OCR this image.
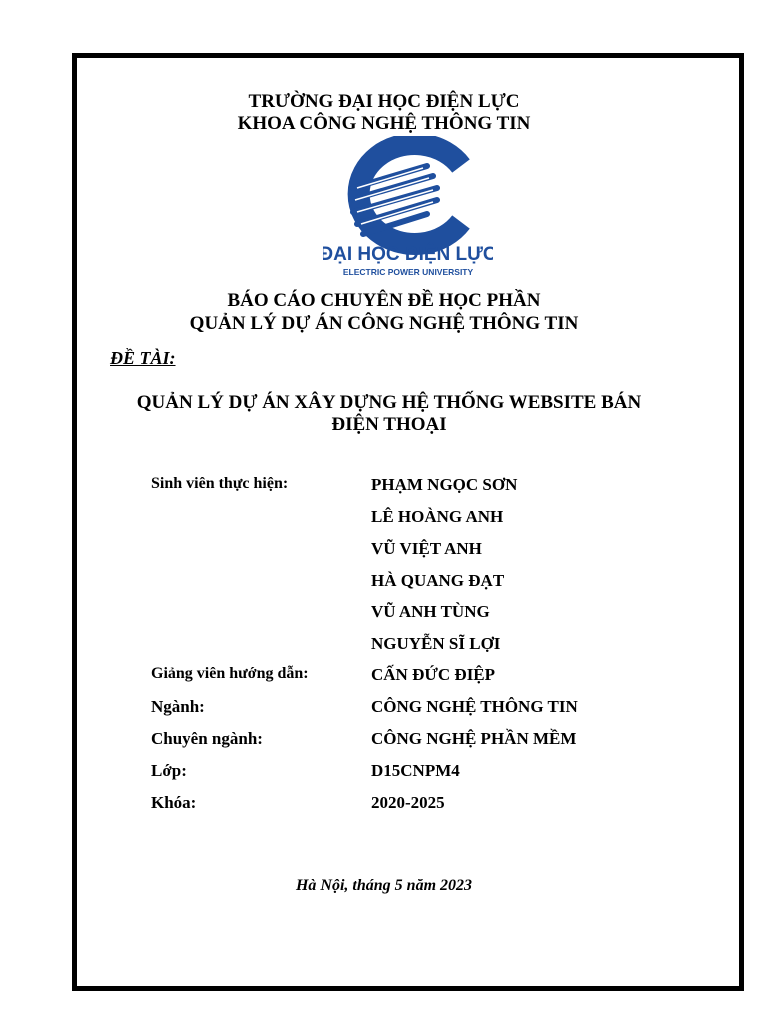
TRƯỜNG ĐẠI HỌC ĐIỆN LỰC
KHOA CÔNG NGHỆ THÔNG TIN
ĐẠI HỌC ĐIỆN LỰC
ELECTRIC POWER UNIVERSITY
BÁO CÁO CHUYÊN ĐỀ HỌC PHẦN
QUẢN LÝ DỰ ÁN CÔNG NGHỆ THÔNG TIN
ĐỀ TÀI:
QUẢN LÝ DỰ ÁN XÂY DỰNG HỆ THỐNG WEBSITE BÁN
ĐIỆN THOẠI
Sinh viên thực hiện:	PHẠM NGỌC SƠN
LÊ HOÀNG ANH
VŨ VIỆT ANH
HÀ QUANG ĐẠT
VŨ ANH TÙNG
NGUYỄN SĨ LỢI
Giảng viên hướng dẫn:	CẤN ĐỨC ĐIỆP
Ngành:	CÔNG NGHỆ THÔNG TIN
Chuyên ngành:	CÔNG NGHỆ PHẦN MỀM
Lớp:	D15CNPM4
Khóa:	2020-2025
Hà Nội, tháng 5 năm 2023
